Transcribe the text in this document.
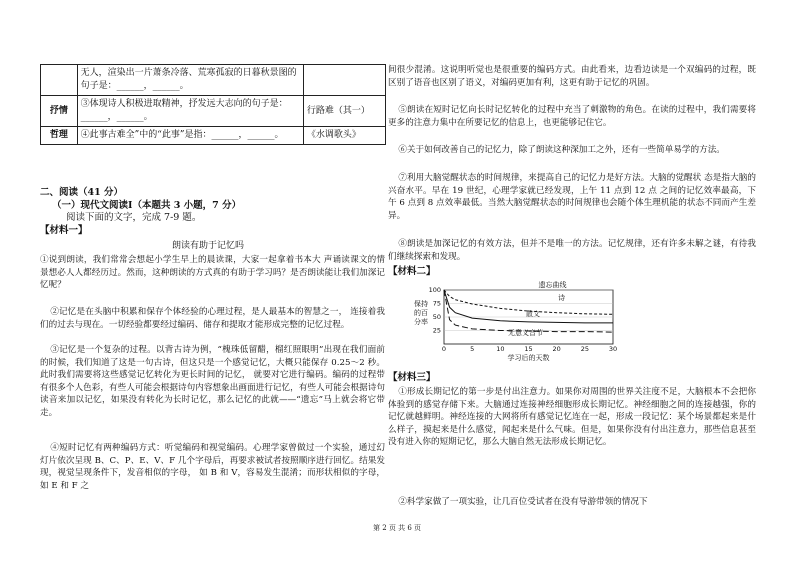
	无人，渲染出一片萧条冷落、荒寒孤寂的日暮秋景图的句子是：______，______。	
抒情	③体现诗人积极进取精神，抒发远大志向的句子是：______，______。	行路难（其一）
哲理	④此事古难全”中的“此事”是指：______，______。	《水调歌头》
二、阅读（41 分）
（一）现代文阅读Ⅰ（本题共 3 小题，7 分）
阅读下面的文字，完成 7-9 题。
【材料一】
朗读有助于记忆吗
①说到朗读，我们常常会想起小学生早上的晨读课，大家一起拿着书本大 声诵读课文的情景想必人人都经历过。然而，这种朗读的方式真的有助于学习吗？是否朗读能让我们加深记忆呢？
②记忆是在头脑中积累和保存个体经验的心理过程，是人最基本的智慧之一， 连接着我们的过去与现在。一切经验都要经过编码、储存和提取才能形成完整的记忆过程。
③记忆是一个复杂的过程。以背古诗为例，“槐珠低留醋，榴红照眼明”出现在我们面前的时候，我们知道了这是一句古诗，但这只是一个感觉记忆，大概只能保存 0.25～2 秒。此时我们需要将这些感觉记忆转化为更长时间的记忆， 就要对它进行编码。编码的过程带有很多个人色彩，有些人可能会根据诗句内容想象出画面进行记忆，有些人可能会根据诗句读音来加以记忆，如果没有转化为长时记忆，那么记忆的此就——“遗忘”马上就会将它带走。
④短时记忆有两种编码方式：听觉编码和视觉编码。心理学家曾做过一个实验，通过幻灯片依次呈现 B、C、P、E、V、F 几个字母后，再要求被试者按照顺序进行回忆。结果发现，视觉呈现条件下，发音相似的字母， 如 B 和 V，容易发生混淆；而形状相似的字母，如 E 和 F 之
间很少混淆。这说明听觉也是很重要的编码方式。由此看来，边看边读是一个双编码的过程，既区别了语音也区别了语义，对编码更加有利，这更有助于记忆的巩固。
⑤朗读在短时记忆向长时记忆转化的过程中充当了刺激物的角色。在读的过程中，我们需要将更多的注意力集中在所要记忆的信息上，也更能够记住它。
⑥关于如何改善自己的记忆力，除了朗读这种深加工之外，还有一些简单易学的方法。
⑦利用大脑觉醒状态的时间规律，来提高自己的记忆力是好方法。大脑的觉醒状 态是指大脑的兴奋水平。早在 19 世纪，心理学家就已经发现，上午 11 点到 12 点 之间的记忆效率最高，下午 6 点到 8 点效率最低。当然大脑觉醒状态的时间规律也会随个体生理机能的状态不同而产生差异。
⑧朗读是加深记忆的有效方法，但并不是唯一的方法。记忆规律，还有许多未解之谜，有待我们继续探索和发现。
【材料二】
25
50
75
100
0	5	10	15	20	25	30
遗忘曲线
学习后的天数
保持
的百
分率
诗
散文
无意义音节
【材料三】
①形成长期记忆的第一步是付出注意力。如果你对周围的世界关注度不足，大脑根本不会把你体验到的感觉存储下来。大脑通过连接神经细胞形成长期记忆。神经细胞之间的连接越强，你的记忆就越鲜明。神经连接的大网将所有感觉记忆连在一起，形成一段记忆：某个场景都起来是什么样子，摸起来是什么感觉，闻起来是什么气味。但是，如果你没有付出注意力，那些信息甚至没有进入你的短期记忆，那么大脑自然无法形成长期记忆。
②科学家做了一项实验，让几百位受试者在没有导游带领的情况下
第 2 页 共 6 页
